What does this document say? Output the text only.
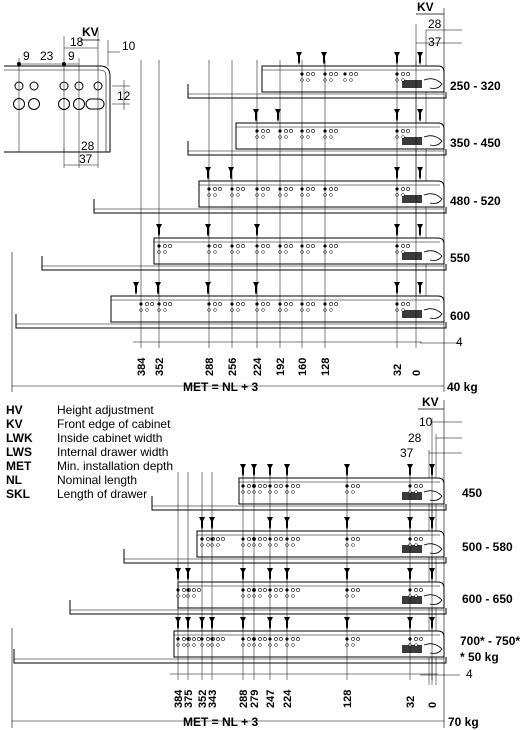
KV
9 23
18
9
10
12
28
37
KV
28
37
384 352	288 256 224 192 160 128	32 0
250 - 320
350 - 450
480 - 520
550
600
4
MET = NL + 3	40 kg
HV	Height adjustment
KV	Front edge of cabinet
LWK Inside cabinet width
LWS Internal drawer width
MET Min. installation depth
NL	Nominal length
SKL Length of drawer
KV
10
28
37
384
375 352
343 288 279 247 224	128	32 0
450
500 - 580
600 - 650
700* - 750*
* 50 kg
4
MET = NL + 3	70 kg
